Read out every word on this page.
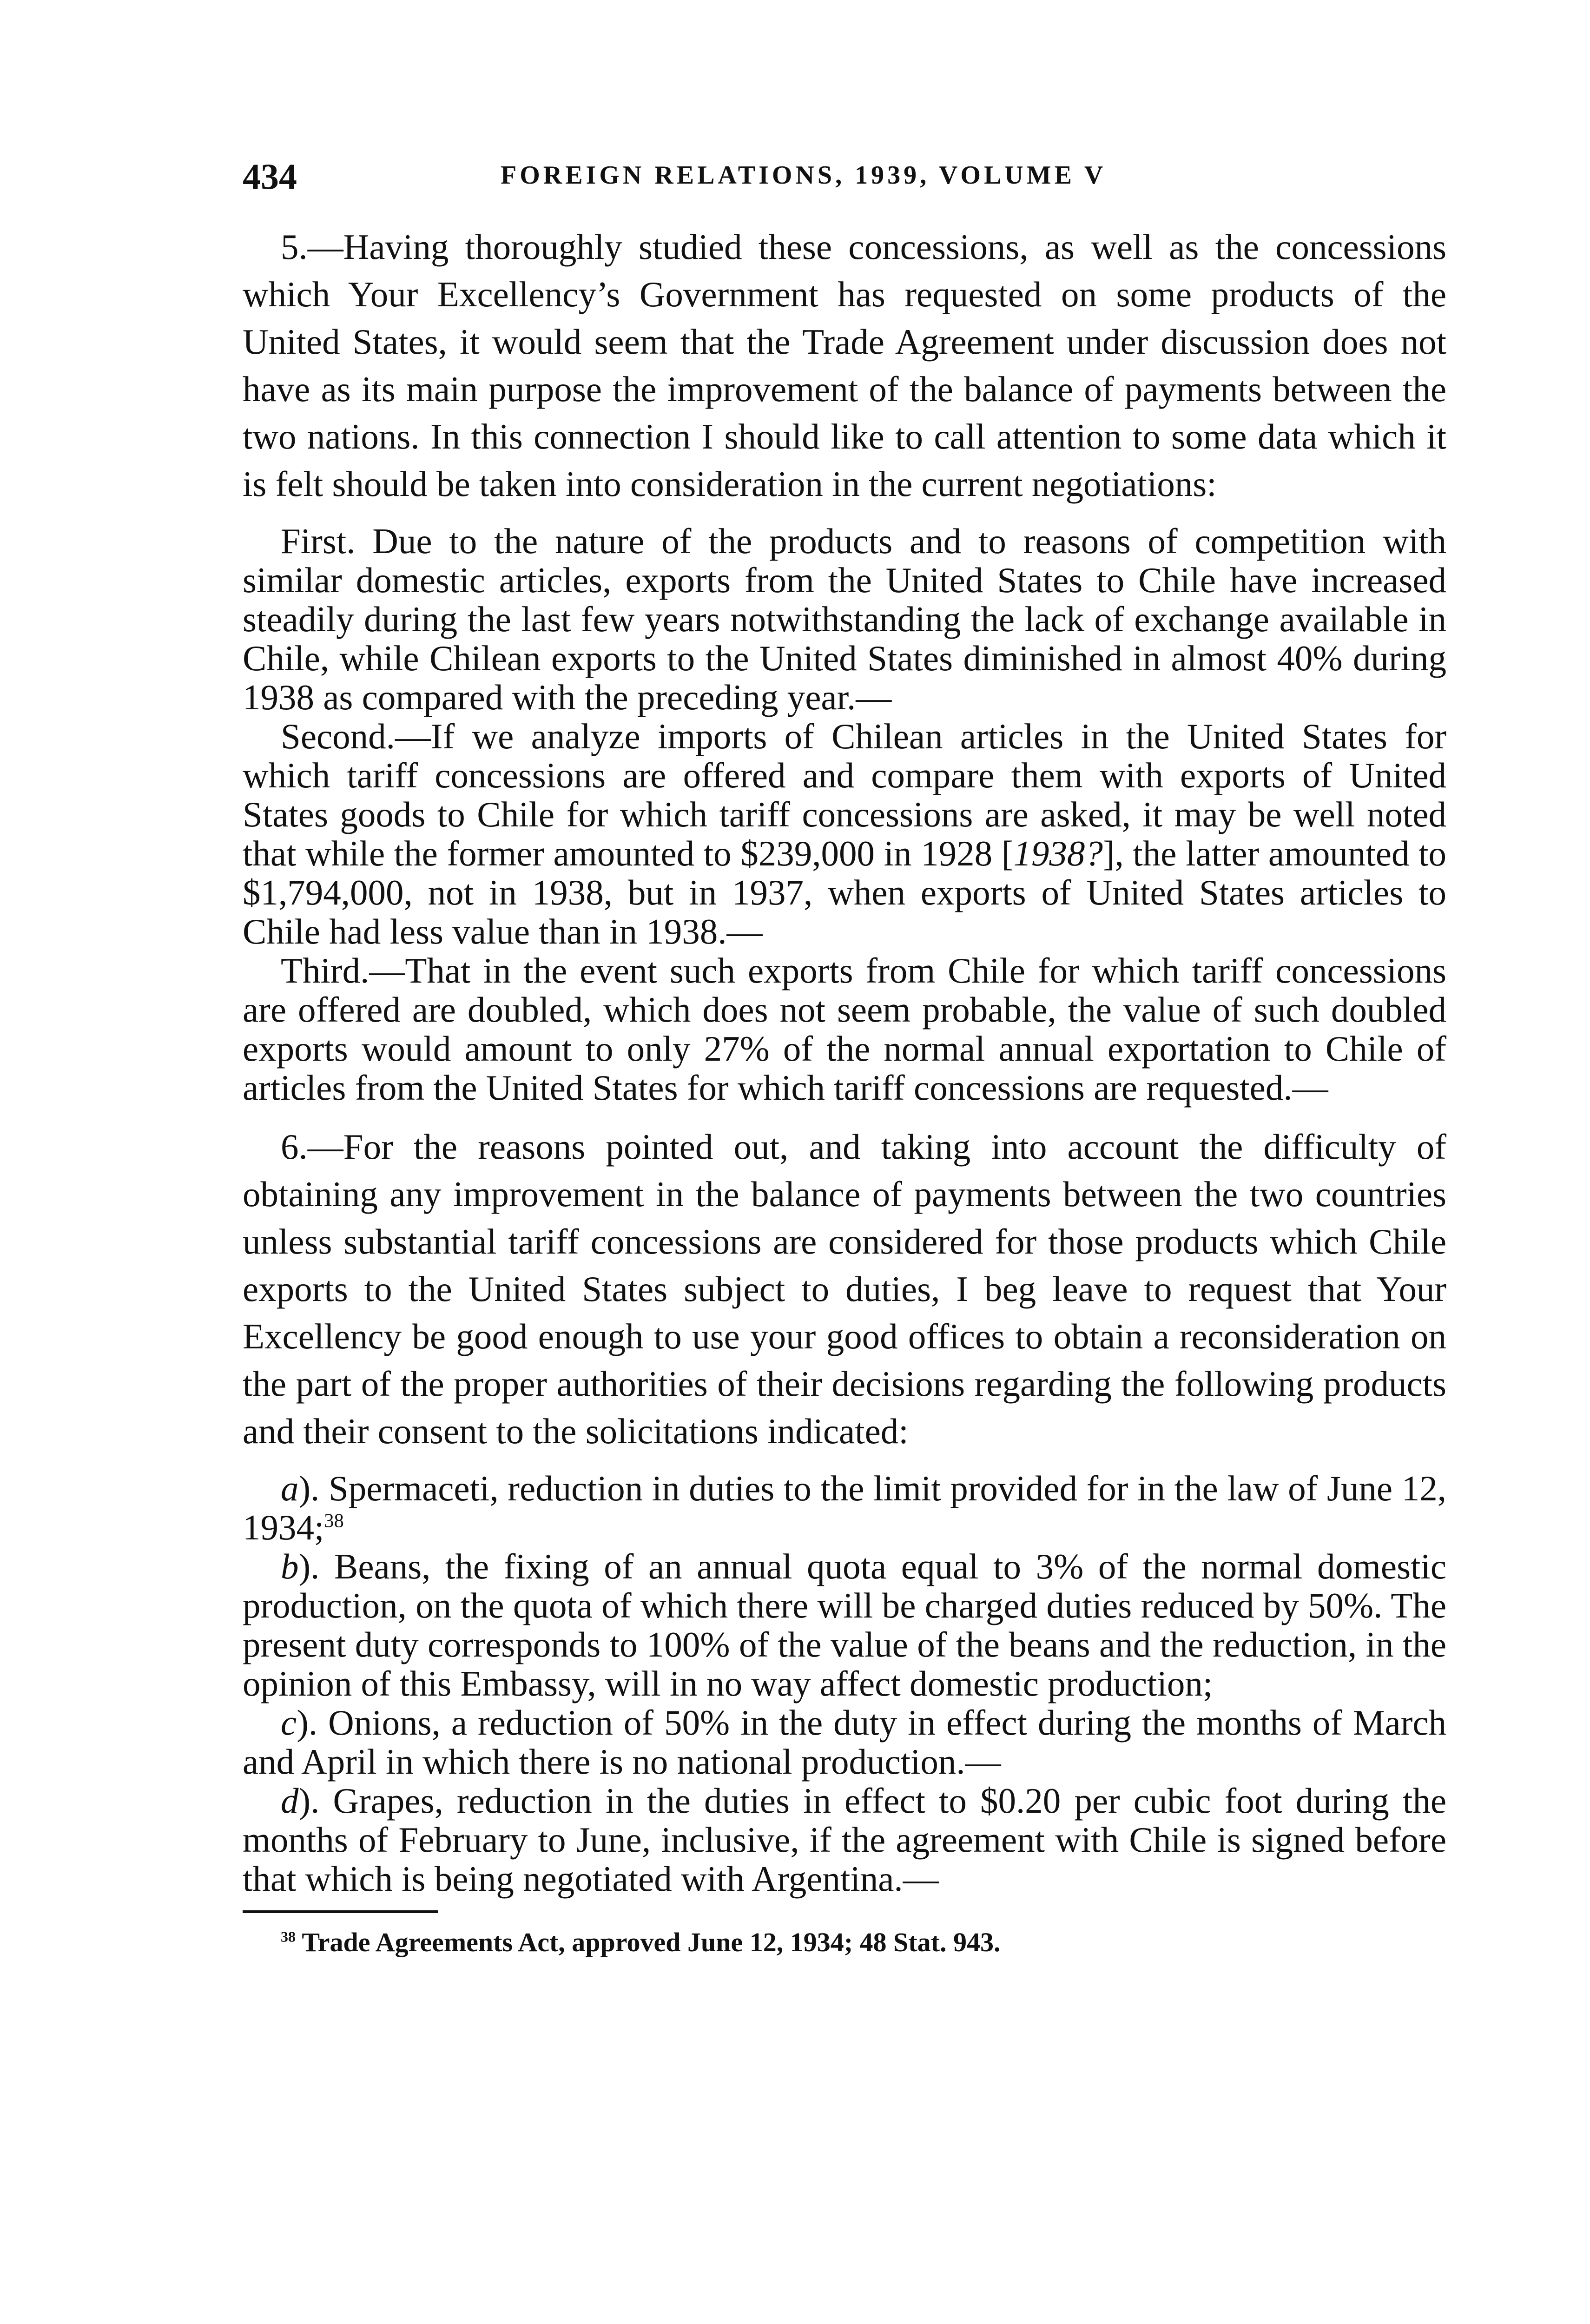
434	FOREIGN RELATIONS, 1939, VOLUME V

5.—Having thoroughly studied these concessions, as well as the concessions which Your Excellency’s Government has requested on some products of the United States, it would seem that the Trade Agreement under discussion does not have as its main purpose the improvement of the balance of payments between the two nations. In this connection I should like to call attention to some data which it is felt should be taken into consideration in the current negotiations:

First. Due to the nature of the products and to reasons of competition with similar domestic articles, exports from the United States to Chile have increased steadily during the last few years notwithstanding the lack of exchange available in Chile, while Chilean exports to the United States diminished in almost 40% during 1938 as compared with the preceding year.—

Second.—If we analyze imports of Chilean articles in the United States for which tariff concessions are offered and compare them with exports of United States goods to Chile for which tariff concessions are asked, it may be well noted that while the former amounted to $239,000 in 1928 [1938?], the latter amounted to $1,794,000, not in 1938, but in 1937, when exports of United States articles to Chile had less value than in 1938.—

Third.—That in the event such exports from Chile for which tariff concessions are offered are doubled, which does not seem probable, the value of such doubled exports would amount to only 27% of the normal annual exportation to Chile of articles from the United States for which tariff concessions are requested.—

6.—For the reasons pointed out, and taking into account the difficulty of obtaining any improvement in the balance of payments between the two countries unless substantial tariff concessions are considered for those products which Chile exports to the United States subject to duties, I beg leave to request that Your Excellency be good enough to use your good offices to obtain a reconsideration on the part of the proper authorities of their decisions regarding the following products and their consent to the solicitations indicated:

a). Spermaceti, reduction in duties to the limit provided for in the law of June 12, 1934;$^{38}$

b). Beans, the fixing of an annual quota equal to 3% of the normal domestic production, on the quota of which there will be charged duties reduced by 50%. The present duty corresponds to 100% of the value of the beans and the reduction, in the opinion of this Embassy, will in no way affect domestic production;

c). Onions, a reduction of 50% in the duty in effect during the months of March and April in which there is no national production.—

d). Grapes, reduction in the duties in effect to $0.20 per cubic foot during the months of February to June, inclusive, if the agreement with Chile is signed before that which is being negotiated with Argentina.—

$^{38}$ Trade Agreements Act, approved June 12, 1934; 48 Stat. 943.
